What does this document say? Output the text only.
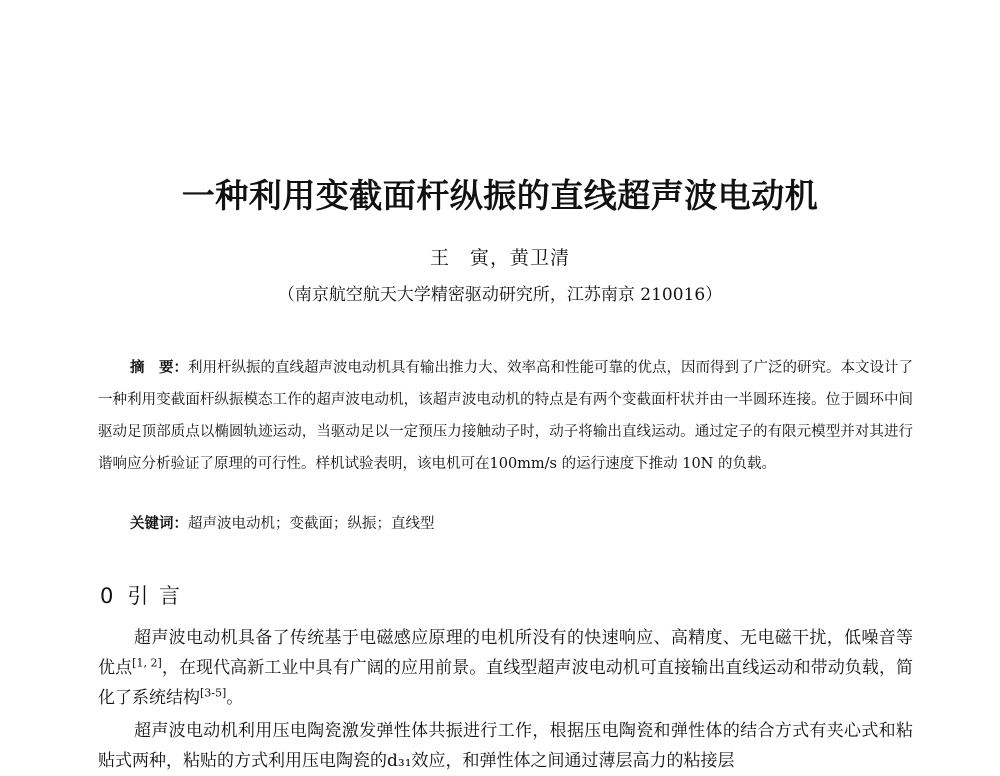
一种利用变截面杆纵振的直线超声波电动机
王　寅，黄卫清
（南京航空航天大学精密驱动研究所，江苏南京 210016）
摘　要：利用杆纵振的直线超声波电动机具有输出推力大、效率高和性能可靠的优点，因而得到了广泛的研究。本文设计了一种利用变截面杆纵振模态工作的超声波电动机，该超声波电动机的特点是有两个变截面杆状并由一半圆环连接。位于圆环中间驱动足顶部质点以椭圆轨迹运动，当驱动足以一定预压力接触动子时，动子将输出直线运动。通过定子的有限元模型并对其进行谐响应分析验证了原理的可行性。样机试验表明，该电机可在100mm/s 的运行速度下推动 10N 的负载。
关键词：超声波电动机；变截面；纵振；直线型
0 引 言
超声波电动机具备了传统基于电磁感应原理的电机所没有的快速响应、高精度、无电磁干扰，低噪音等优点[1, 2]，在现代高新工业中具有广阔的应用前景。直线型超声波电动机可直接输出直线运动和带动负载，简化了系统结构[3-5]。
超声波电动机利用压电陶瓷激发弹性体共振进行工作，根据压电陶瓷和弹性体的结合方式有夹心式和粘贴式两种，粘贴的方式利用压电陶瓷的d₃₁效应，和弹性体之间通过薄层高力的粘接层
